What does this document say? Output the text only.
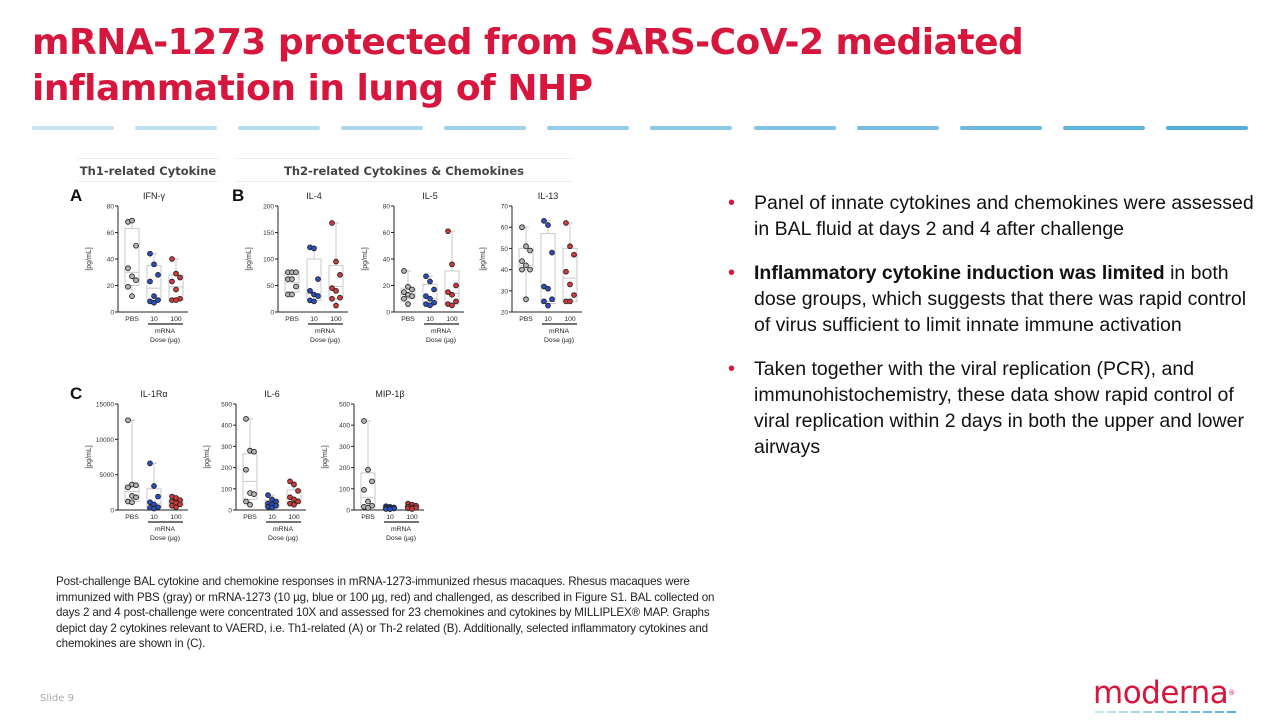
mRNA-1273 protected from SARS-CoV-2 mediated
inflammation in lung of NHP
Th1-related Cytokine	Th2-related Cytokines & Chemokines
A	B
C
IFN-γ
0
20
40
60
80
[pg/mL]
PBS 10 100
mRNA
Dose (µg)
IL-4
0
50
100
150
200
[pg/mL]
PBS 10 100
mRNA
Dose (µg)
IL-5
0
20
40
60
80
[pg/mL]
PBS 10 100
mRNA
Dose (µg)
IL-13
20
30
40
50
60
70
[pg/mL]
PBS 10 100
mRNA
Dose (µg)
IL-1Rα
0
5000
10000
15000
[pg/mL]
PBS 10 100
mRNA
Dose (µg)
IL-6
0
100
200
300
400
500
[pg/mL]
PBS 10 100
mRNA
Dose (µg)
MIP-1β
0
100
200
300
400
500
[pg/mL]
PBS 10 100
mRNA
Dose (µg)
• Panel of innate cytokines and chemokines were assessed in BAL fluid at days 2 and 4 after challenge
• Inflammatory cytokine induction was limited in both dose groups, which suggests that there was rapid control of virus sufficient to limit innate immune activation
• Taken together with the viral replication (PCR), and immunohistochemistry, these data show rapid control of viral replication within 2 days in both the upper and lower airways
Post-challenge BAL cytokine and chemokine responses in mRNA-1273-immunized rhesus macaques. Rhesus macaques were immunized with PBS (gray) or mRNA-1273 (10 µg, blue or 100 µg, red) and challenged, as described in Figure S1. BAL collected on days 2 and 4 post-challenge were concentrated 10X and assessed for 23 chemokines and cytokines by MILLIPLEX® MAP. Graphs depict day 2 cytokines relevant to VAERD, i.e. Th1-related (A) or Th-2 related (B). Additionally, selected inflammatory cytokines and chemokines are shown in (C).
Slide 9	moderna®
